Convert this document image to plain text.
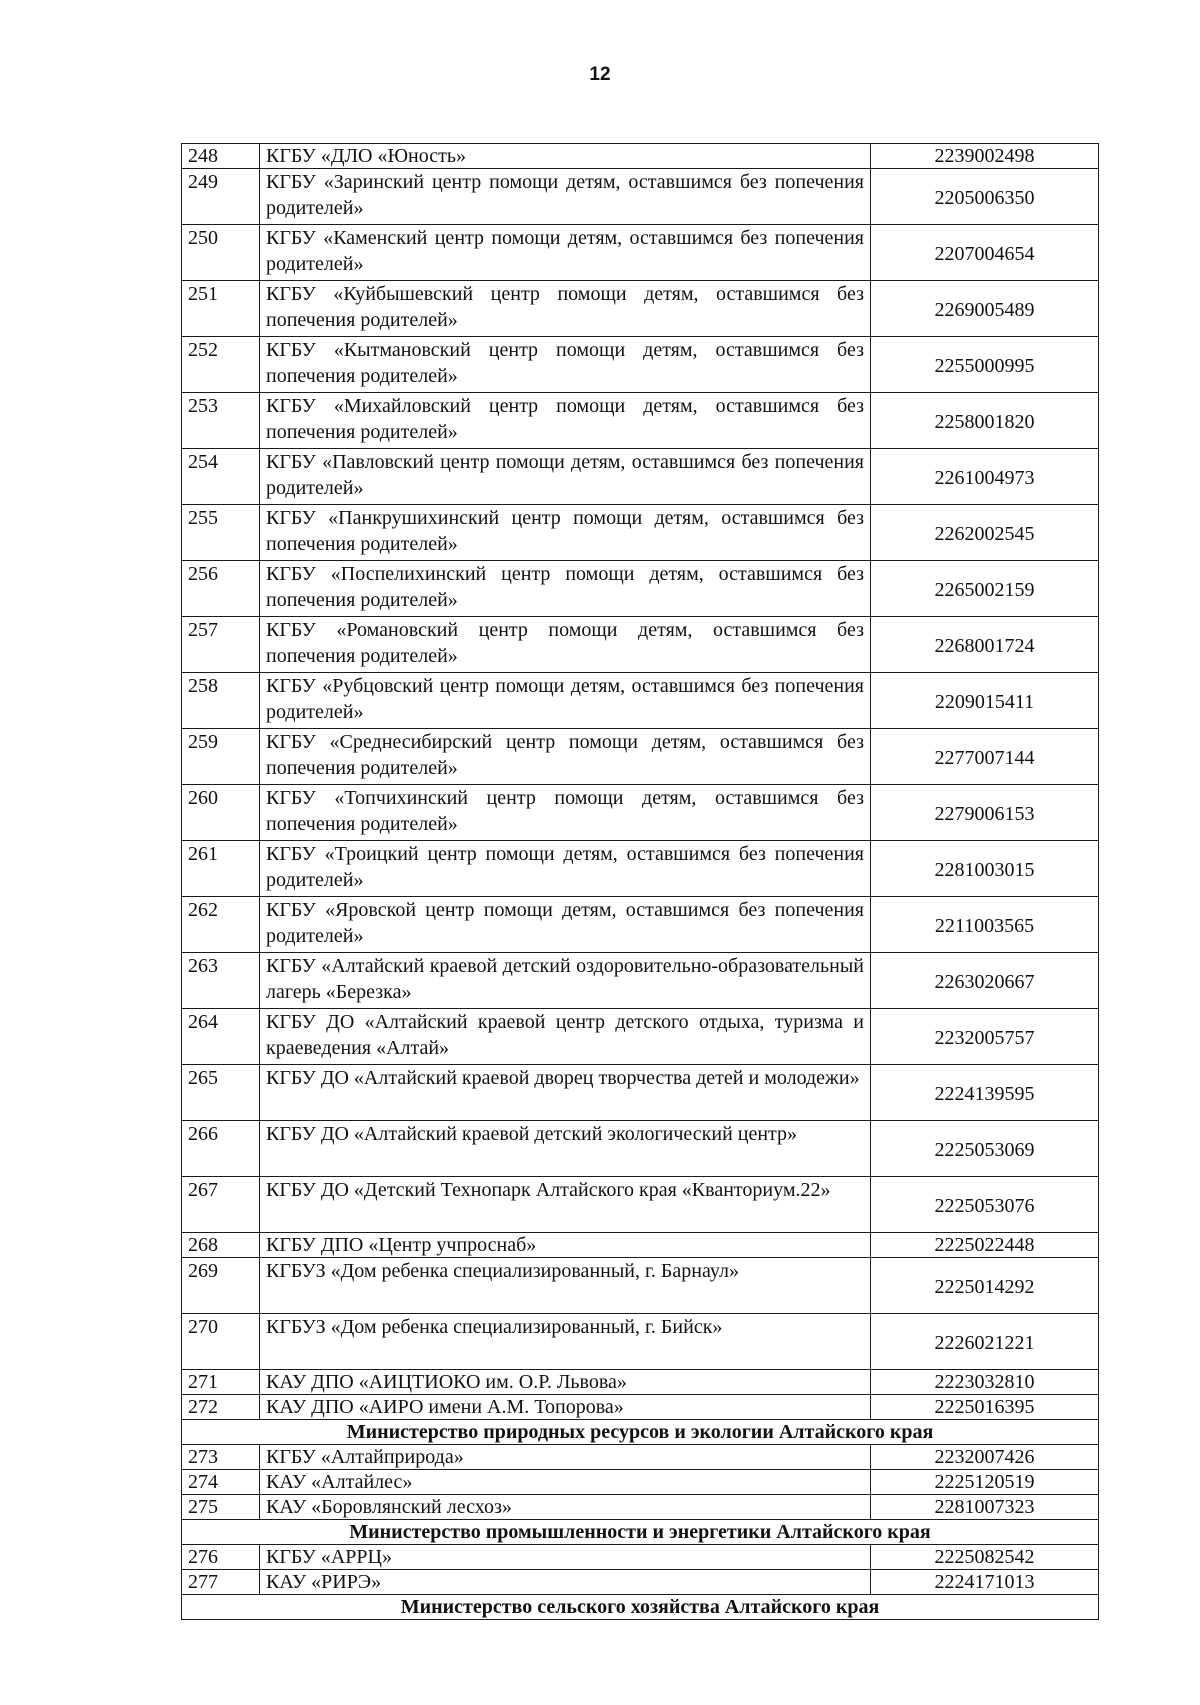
12
248	КГБУ «ДЛО «Юность»	2239002498
249	КГБУ «Заринский центр помощи детям, оставшимся без попечения родителей»	2205006350
250	КГБУ «Каменский центр помощи детям, оставшимся без попечения родителей»	2207004654
251	КГБУ «Куйбышевский центр помощи детям, оставшимся без попечения родителей»	2269005489
252	КГБУ «Кытмановский центр помощи детям, оставшимся без попечения родителей»	2255000995
253	КГБУ «Михайловский центр помощи детям, оставшимся без попечения родителей»	2258001820
254	КГБУ «Павловский центр помощи детям, оставшимся без попечения родителей»	2261004973
255	КГБУ «Панкрушихинский центр помощи детям, оставшимся без попечения родителей»	2262002545
256	КГБУ «Поспелихинский центр помощи детям, оставшимся без попечения родителей»	2265002159
257	КГБУ «Романовский центр помощи детям, оставшимся без попечения родителей»	2268001724
258	КГБУ «Рубцовский центр помощи детям, оставшимся без попечения родителей»	2209015411
259	КГБУ «Среднесибирский центр помощи детям, оставшимся без попечения родителей»	2277007144
260	КГБУ «Топчихинский центр помощи детям, оставшимся без попечения родителей»	2279006153
261	КГБУ «Троицкий центр помощи детям, оставшимся без попечения родителей»	2281003015
262	КГБУ «Яровской центр помощи детям, оставшимся без попечения родителей»	2211003565
263	КГБУ «Алтайский краевой детский оздоровительно-образовательный лагерь «Березка»	2263020667
264	КГБУ ДО «Алтайский краевой центр детского отдыха, туризма и краеведения «Алтай»	2232005757
265	КГБУ ДО «Алтайский краевой дворец творчества детей и молодежи»	2224139595
266	КГБУ ДО «Алтайский краевой детский экологический центр»	2225053069
267	КГБУ ДО «Детский Технопарк Алтайского края «Кванториум.22»	2225053076
268	КГБУ ДПО «Центр учпроснаб»	2225022448
269	КГБУЗ «Дом ребенка специализированный, г. Барнаул»	2225014292
270	КГБУЗ «Дом ребенка специализированный, г. Бийск»	2226021221
271	КАУ ДПО «АИЦТИОКО им. О.Р. Львова»	2223032810
272	КАУ ДПО «АИРО имени А.М. Топорова»	2225016395
Министерство природных ресурсов и экологии Алтайского края		
273	КГБУ «Алтайприрода»	2232007426
274	КАУ «Алтайлес»	2225120519
275	КАУ «Боровлянский лесхоз»	2281007323
Министерство промышленности и энергетики Алтайского края		
276	КГБУ «АРРЦ»	2225082542
277	КАУ «РИРЭ»	2224171013
Министерство сельского хозяйства Алтайского края		
